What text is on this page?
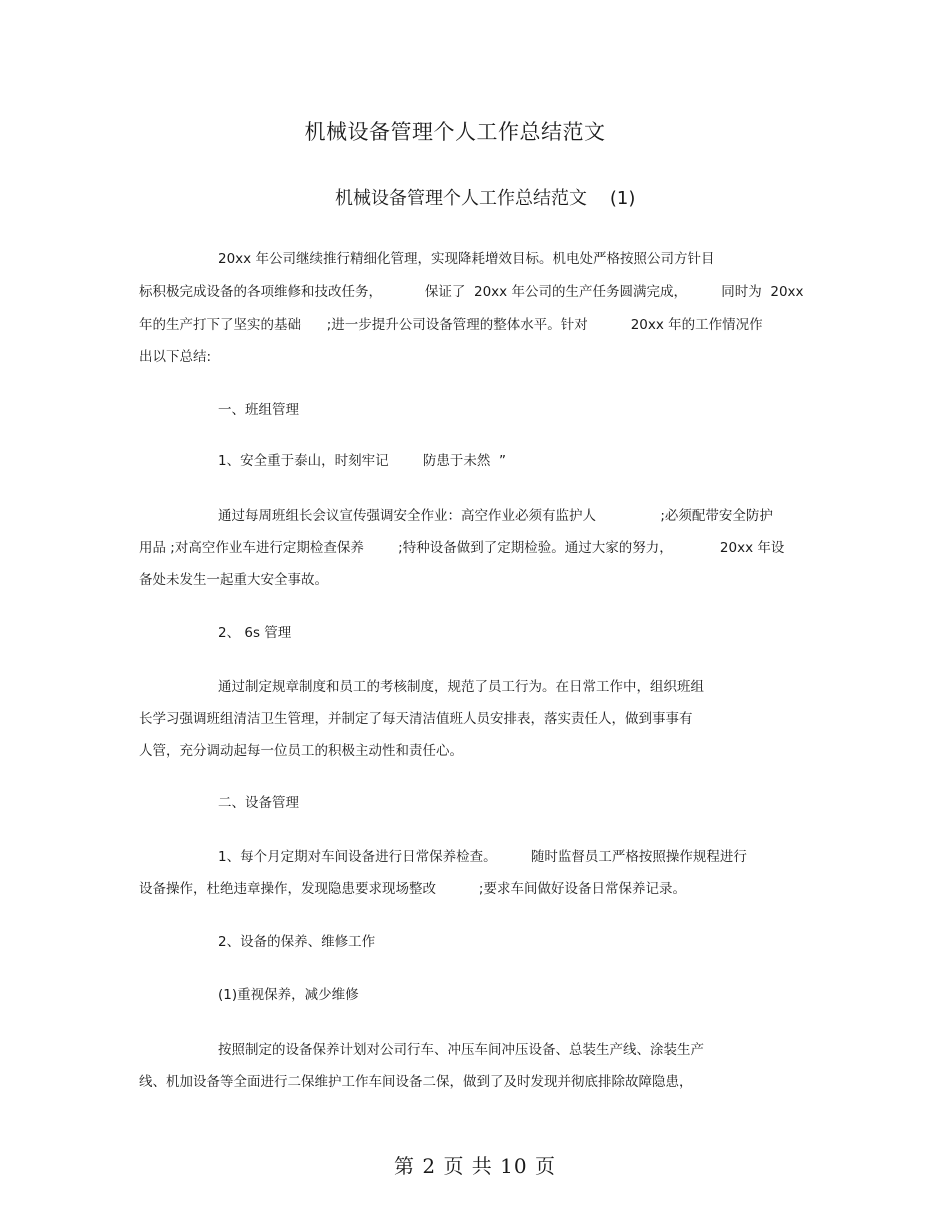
机械设备管理个人工作总结范文
机械设备管理个人工作总结范文    (1)
20xx 年公司继续推行精细化管理，实现降耗增效目标。机电处严格按照公司方针目
标积极完成设备的各项维修和技改任务，          保证了  20xx 年公司的生产任务圆满完成，        同时为  20xx
年的生产打下了坚实的基础      ;进一步提升公司设备管理的整体水平。针对          20xx 年的工作情况作
出以下总结:
一、班组管理
1、安全重于泰山，时刻牢记        防患于未然  ”
通过每周班组长会议宣传强调安全作业：高空作业必须有监护人               ;必须配带安全防护
用品 ;对高空作业车进行定期检查保养        ;特种设备做到了定期检验。通过大家的努力，           20xx 年设
备处未发生一起重大安全事故。
2、 6s 管理
通过制定规章制度和员工的考核制度，规范了员工行为。在日常工作中，组织班组
长学习强调班组清洁卫生管理，并制定了每天清洁值班人员安排表，落实责任人，做到事事有
人管，充分调动起每一位员工的积极主动性和责任心。
二、设备管理
1、每个月定期对车间设备进行日常保养检查。        随时监督员工严格按照操作规程进行
设备操作，杜绝违章操作，发现隐患要求现场整改          ;要求车间做好设备日常保养记录。
2、设备的保养、维修工作
(1)重视保养，减少维修
按照制定的设备保养计划对公司行车、冲压车间冲压设备、总装生产线、涂装生产
线、机加设备等全面进行二保维护工作车间设备二保，做到了及时发现并彻底排除故障隐患，
第 2 页 共 10 页
